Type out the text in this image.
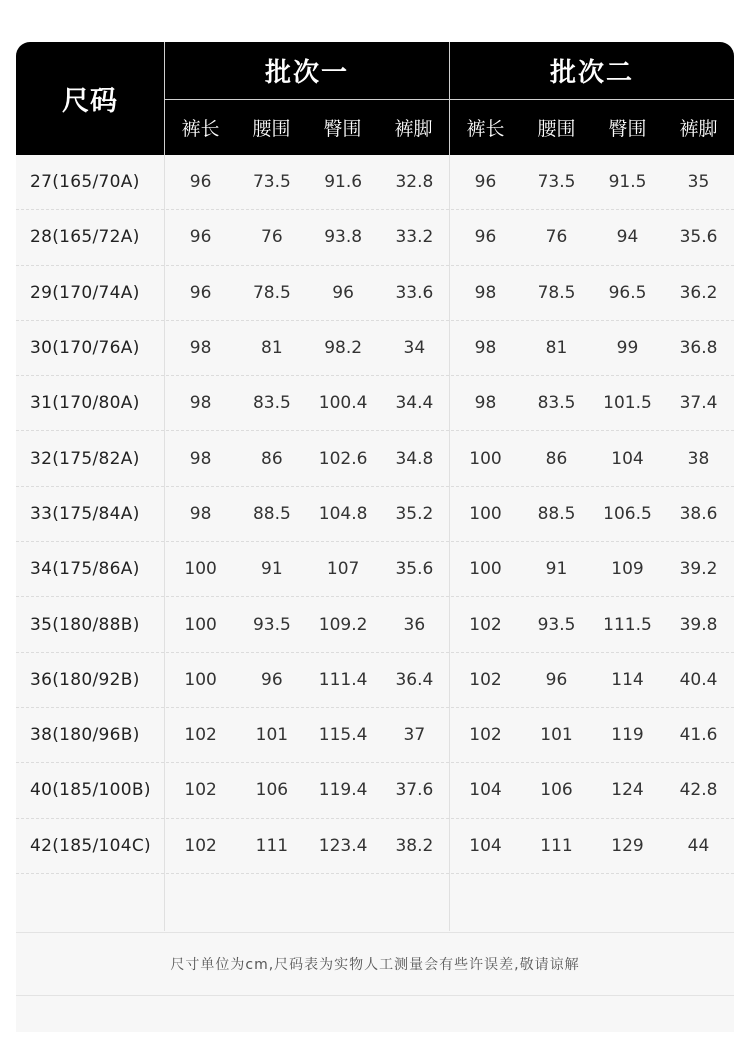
尺码
批次一	批次二
裤长	腰围	臀围	裤脚	裤长	腰围	臀围	裤脚
27(165/70A)	96	73.5	91.6	32.8	96	73.5	91.5	35
28(165/72A)	96	76	93.8	33.2	96	76	94	35.6
29(170/74A)	96	78.5	96	33.6	98	78.5	96.5	36.2
30(170/76A)	98	81	98.2	34	98	81	99	36.8
31(170/80A)	98	83.5	100.4	34.4	98	83.5	101.5	37.4
32(175/82A)	98	86	102.6	34.8	100	86	104	38
33(175/84A)	98	88.5	104.8	35.2	100	88.5	106.5	38.6
34(175/86A)	100	91	107	35.6	100	91	109	39.2
35(180/88B)	100	93.5	109.2	36	102	93.5	111.5	39.8
36(180/92B)	100	96	111.4	36.4	102	96	114	40.4
38(180/96B)	102	101	115.4	37	102	101	119	41.6
40(185/100B)	102	106	119.4	37.6	104	106	124	42.8
42(185/104C)	102	111	123.4	38.2	104	111	129	44
尺寸单位为cm,尺码表为实物人工测量会有些许误差,敬请谅解
